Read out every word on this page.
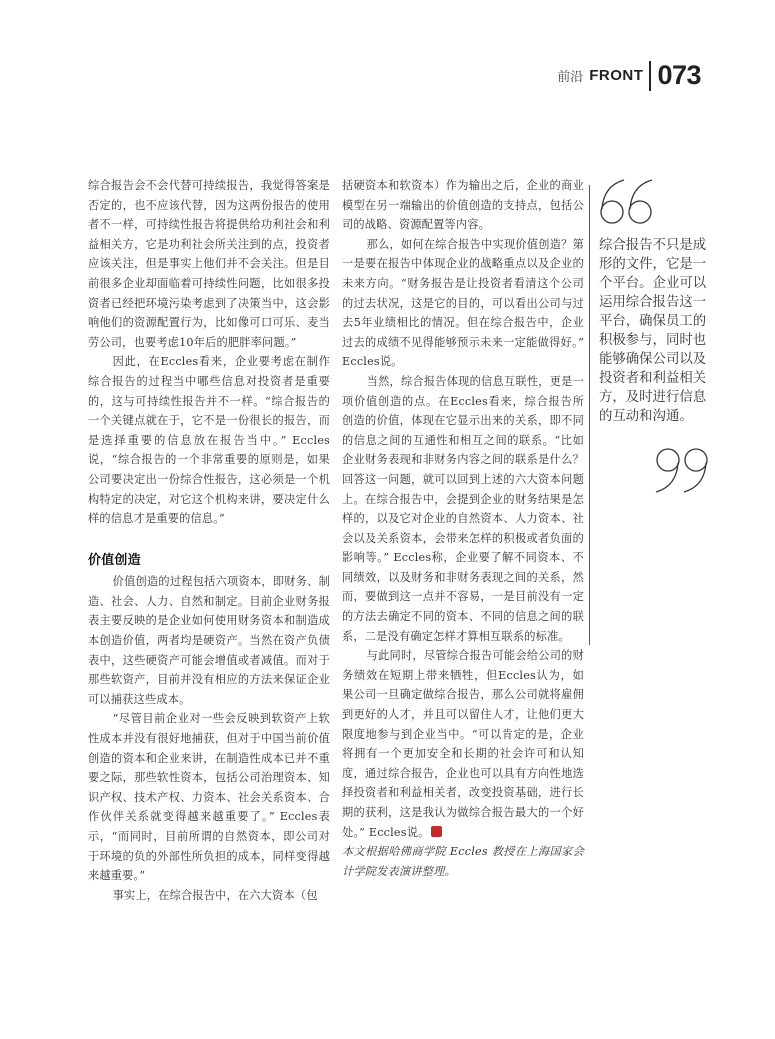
前沿 FRONT 073

综合报告会不会代替可持续报告，我觉得答案是否定的，也不应该代替，因为这两份报告的使用者不一样，可持续性报告将提供给功利社会和利益相关方，它是功利社会所关注到的点，投资者应该关注，但是事实上他们并不会关注。但是目前很多企业却面临着可持续性问题，比如很多投资者已经把环境污染考虑到了决策当中，这会影响他们的资源配置行为，比如像可口可乐、麦当劳公司，也要考虑10年后的肥胖率问题。”

因此，在Eccles看来，企业要考虑在制作综合报告的过程当中哪些信息对投资者是重要的，这与可持续性报告并不一样。“综合报告的一个关键点就在于，它不是一份很长的报告，而是选择重要的信息放在报告当中。” Eccles说，“综合报告的一个非常重要的原则是，如果公司要决定出一份综合性报告，这必须是一个机构特定的决定，对它这个机构来讲，要决定什么样的信息才是重要的信息。”

价值创造

价值创造的过程包括六项资本，即财务、制造、社会、人力、自然和制定。目前企业财务报表主要反映的是企业如何使用财务资本和制造成本创造价值，两者均是硬资产。当然在资产负债表中，这些硬资产可能会增值或者减值。而对于那些软资产，目前并没有相应的方法来保证企业可以捕获这些成本。

“尽管目前企业对一些会反映到软资产上软性成本并没有很好地捕获，但对于中国当前价值创造的资本和企业来讲，在制造性成本已并不重要之际，那些软性资本，包括公司治理资本、知识产权、技术产权、力资本、社会关系资本、合作伙伴关系就变得越来越重要了。” Eccles表示，“而同时，目前所谓的自然资本，即公司对于环境的负的外部性所负担的成本，同样变得越来越重要。”

事实上，在综合报告中，在六大资本（包

括硬资本和软资本）作为输出之后，企业的商业模型在另一端输出的价值创造的支持点，包括公司的战略、资源配置等内容。

那么，如何在综合报告中实现价值创造？第一是要在报告中体现企业的战略重点以及企业的未来方向。“财务报告是让投资者看清这个公司的过去状况，这是它的目的，可以看出公司与过去5年业绩相比的情况。但在综合报告中，企业过去的成绩不见得能够预示未来一定能做得好。” Eccles说。

当然，综合报告体现的信息互联性，更是一项价值创造的点。在Eccles看来，综合报告所创造的价值，体现在它显示出来的关系，即不同的信息之间的互通性和相互之间的联系。“比如企业财务表现和非财务内容之间的联系是什么？回答这一问题，就可以回到上述的六大资本问题上。在综合报告中，会提到企业的财务结果是怎样的，以及它对企业的自然资本、人力资本、社会以及关系资本，会带来怎样的积极或者负面的影响等。” Eccles称，企业要了解不同资本、不同绩效，以及财务和非财务表现之间的关系，然而，要做到这一点并不容易，一是目前没有一定的方法去确定不同的资本、不同的信息之间的联系，二是没有确定怎样才算相互联系的标准。

与此同时，尽管综合报告可能会给公司的财务绩效在短期上带来牺牲，但Eccles认为，如果公司一旦确定做综合报告，那么公司就将雇佣到更好的人才，并且可以留住人才，让他们更大限度地参与到企业当中。“可以肯定的是，企业将拥有一个更加安全和长期的社会许可和认知度，通过综合报告，企业也可以具有方向性地选择投资者和利益相关者，改变投资基础，进行长期的获利，这是我认为做综合报告最大的一个好处。” Eccles说。

本文根据哈佛商学院 Eccles 教授在上海国家会计学院发表演讲整理。

综合报告不只是成形的文件，它是一个平台。企业可以运用综合报告这一平台，确保员工的积极参与，同时也能够确保公司以及投资者和利益相关方，及时进行信息的互动和沟通。
